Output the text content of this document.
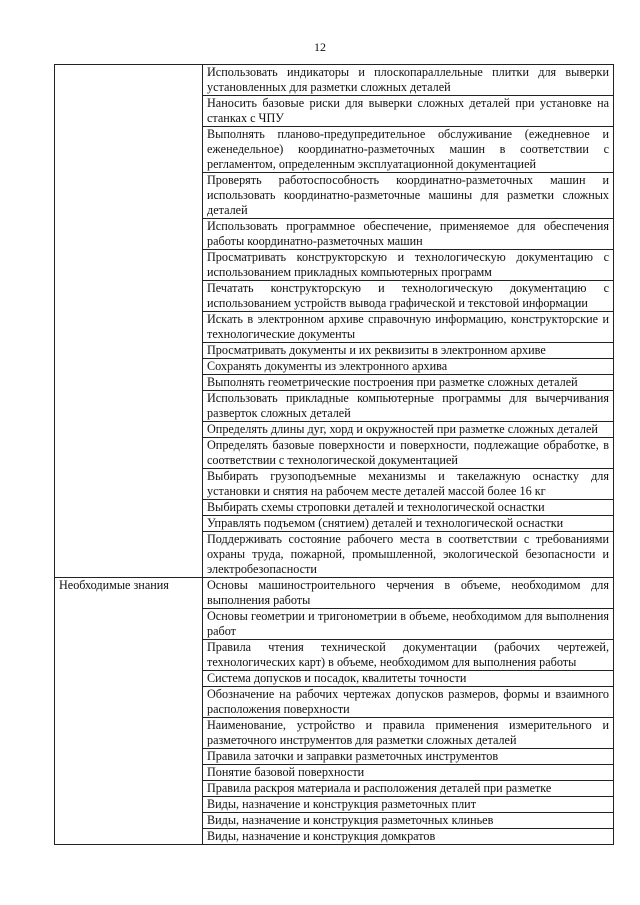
12

	Использовать индикаторы и плоскопараллельные плитки для выверки установленных для разметки сложных деталей

	Наносить базовые риски для выверки сложных деталей при установке на станках с ЧПУ

	Выполнять планово-предупредительное обслуживание (ежедневное и еженедельное) координатно-разметочных машин в соответствии с регламентом, определенным эксплуатационной документацией

	Проверять работоспособность координатно-разметочных машин и использовать координатно-разметочные машины для разметки сложных деталей

	Использовать программное обеспечение, применяемое для обеспечения работы координатно-разметочных машин

	Просматривать конструкторскую и технологическую документацию с использованием прикладных компьютерных программ

	Печатать конструкторскую и технологическую документацию с использованием устройств вывода графической и текстовой информации

	Искать в электронном архиве справочную информацию, конструкторские и технологические документы

	Просматривать документы и их реквизиты в электронном архиве

	Сохранять документы из электронного архива

	Выполнять геометрические построения при разметке сложных деталей

	Использовать прикладные компьютерные программы для вычерчивания разверток сложных деталей

	Определять длины дуг, хорд и окружностей при разметке сложных деталей

	Определять базовые поверхности и поверхности, подлежащие обработке, в соответствии с технологической документацией

	Выбирать грузоподъемные механизмы и такелажную оснастку для установки и снятия на рабочем месте деталей массой более 16 кг

	Выбирать схемы строповки деталей и технологической оснастки

	Управлять подъемом (снятием) деталей и технологической оснастки

	Поддерживать состояние рабочего места в соответствии с требованиями охраны труда, пожарной, промышленной, экологической безопасности и электробезопасности

Необходимые знания	Основы машиностроительного черчения в объеме, необходимом для выполнения работы

	Основы геометрии и тригонометрии в объеме, необходимом для выполнения работ

	Правила чтения технической документации (рабочих чертежей, технологических карт) в объеме, необходимом для выполнения работы

	Система допусков и посадок, квалитеты точности

	Обозначение на рабочих чертежах допусков размеров, формы и взаимного расположения поверхности

	Наименование, устройство и правила применения измерительного и разметочного инструментов для разметки сложных деталей

	Правила заточки и заправки разметочных инструментов

	Понятие базовой поверхности

	Правила раскроя материала и расположения деталей при разметке

	Виды, назначение и конструкция разметочных плит

	Виды, назначение и конструкция разметочных клиньев

	Виды, назначение и конструкция домкратов
